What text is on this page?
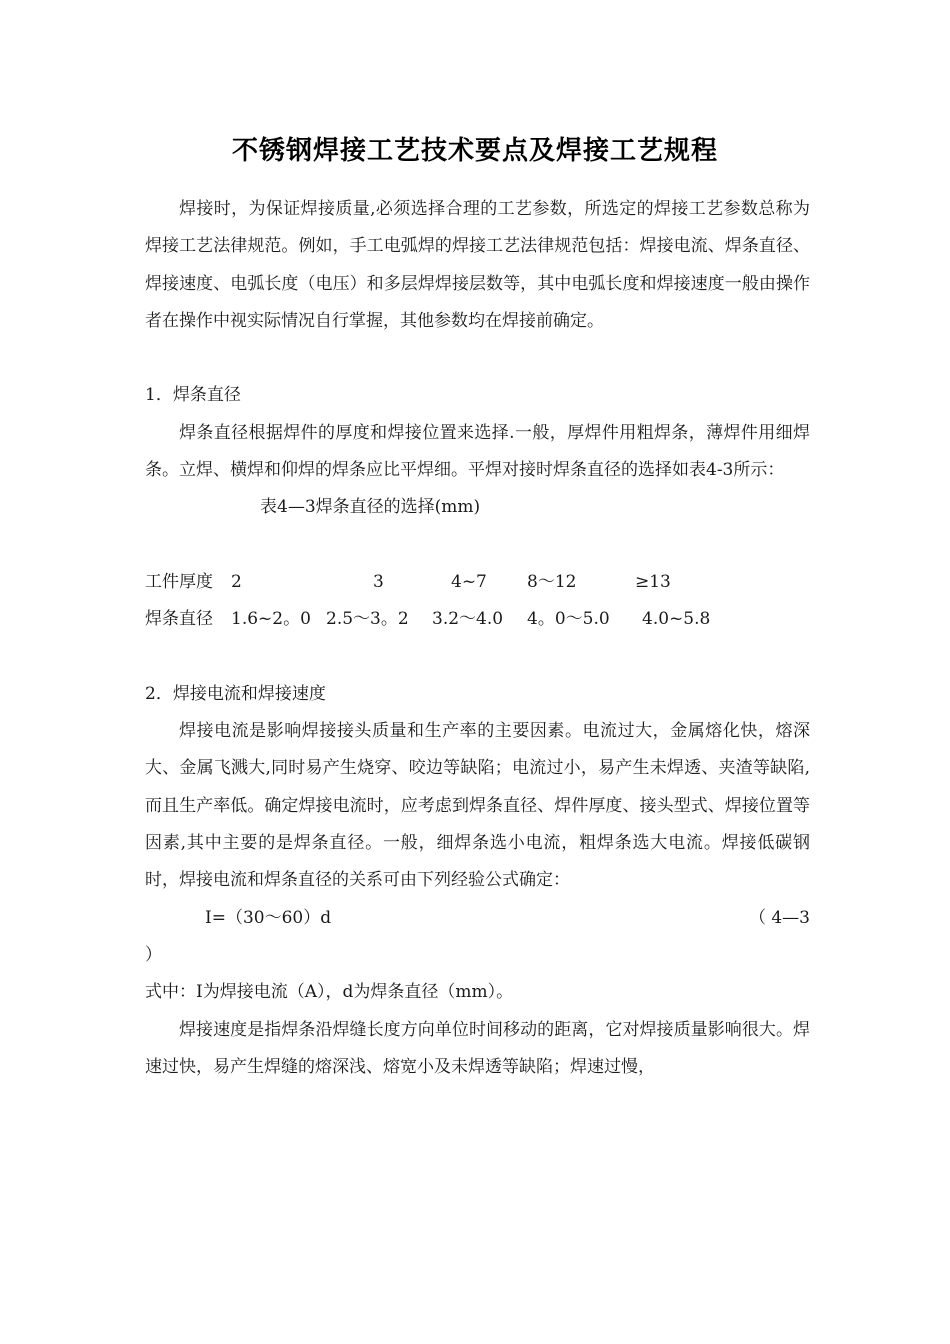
不锈钢焊接工艺技术要点及焊接工艺规程

焊接时，为保证焊接质量,必须选择合理的工艺参数，所选定的焊接工艺参数总称为焊接工艺法律规范。例如，手工电弧焊的焊接工艺法律规范包括：焊接电流、焊条直径、焊接速度、电弧长度（电压）和多层焊焊接层数等，其中电弧长度和焊接速度一般由操作者在操作中视实际情况自行掌握，其他参数均在焊接前确定。

1．焊条直径

焊条直径根据焊件的厚度和焊接位置来选择.一般，厚焊件用粗焊条，薄焊件用细焊条。立焊、横焊和仰焊的焊条应比平焊细。平焊对接时焊条直径的选择如表4-3所示：

表4—3焊条直径的选择(mm)

工件厚度 2	3	4~7 8～12	≥13
焊条直径 1.6~2。0 2.5～3。2 3.2～4.0 4。0～5.0 4.0~5.8

2．焊接电流和焊接速度

焊接电流是影响焊接接头质量和生产率的主要因素。电流过大，金属熔化快，熔深大、金属飞溅大,同时易产生烧穿、咬边等缺陷；电流过小，易产生未焊透、夹渣等缺陷,而且生产率低。确定焊接电流时，应考虑到焊条直径、焊件厚度、接头型式、焊接位置等因素,其中主要的是焊条直径。一般，细焊条选小电流，粗焊条选大电流。焊接低碳钢时，焊接电流和焊条直径的关系可由下列经验公式确定：

I=（30～60）d	（ 4—3

）

式中：I为焊接电流（A），d为焊条直径（mm）。

焊接速度是指焊条沿焊缝长度方向单位时间移动的距离，它对焊接质量影响很大。焊速过快，易产生焊缝的熔深浅、熔宽小及未焊透等缺陷；焊速过慢，
